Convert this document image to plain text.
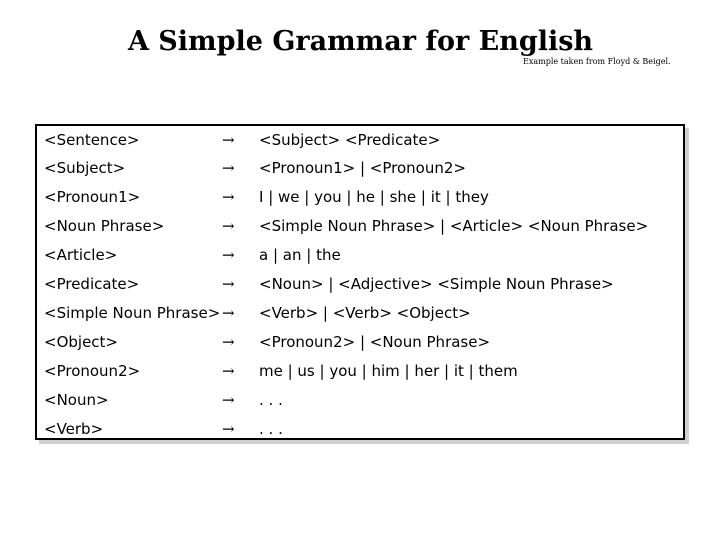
A Simple Grammar for English
Example taken from Floyd & Beigel.
<Sentence>	→ <Subject> <Predicate>
<Subject>	→ <Pronoun1> | <Pronoun2>
<Pronoun1>	→ I | we | you | he | she | it | they
<Noun Phrase>	→ <Simple Noun Phrase> | <Article> <Noun Phrase>
<Article>	→ a | an | the
<Predicate>	→ <Noun> | <Adjective> <Simple Noun Phrase>
<Simple Noun Phrase> → <Verb> | <Verb> <Object>
<Object>	→ <Pronoun2> | <Noun Phrase>
<Pronoun2>	→ me | us | you | him | her | it | them
<Noun>	→ . . .
<Verb>	→ . . .
